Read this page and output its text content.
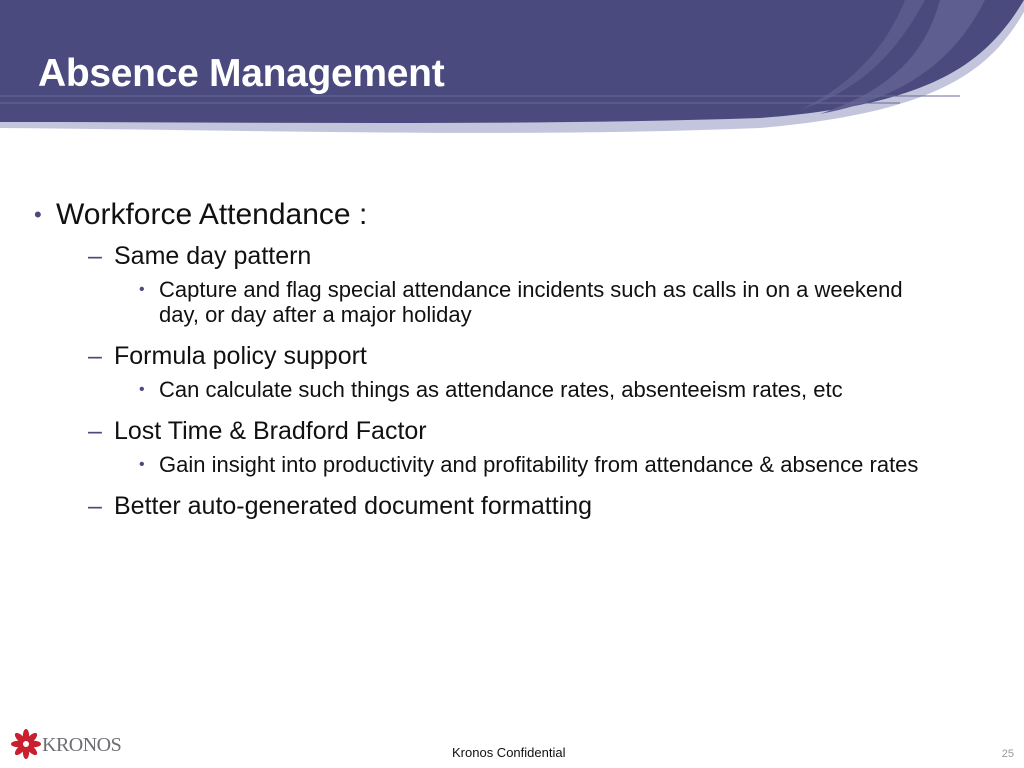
Absence Management
• Workforce Attendance :
– Same day pattern
• Capture and flag special attendance incidents such as calls in on a weekend day, or day after a major holiday
– Formula policy support
• Can calculate such things as attendance rates, absenteeism rates, etc
– Lost Time & Bradford Factor
• Gain insight into productivity and profitability from attendance & absence rates
– Better auto-generated document formatting
KRONOS	Kronos Confidential	25
